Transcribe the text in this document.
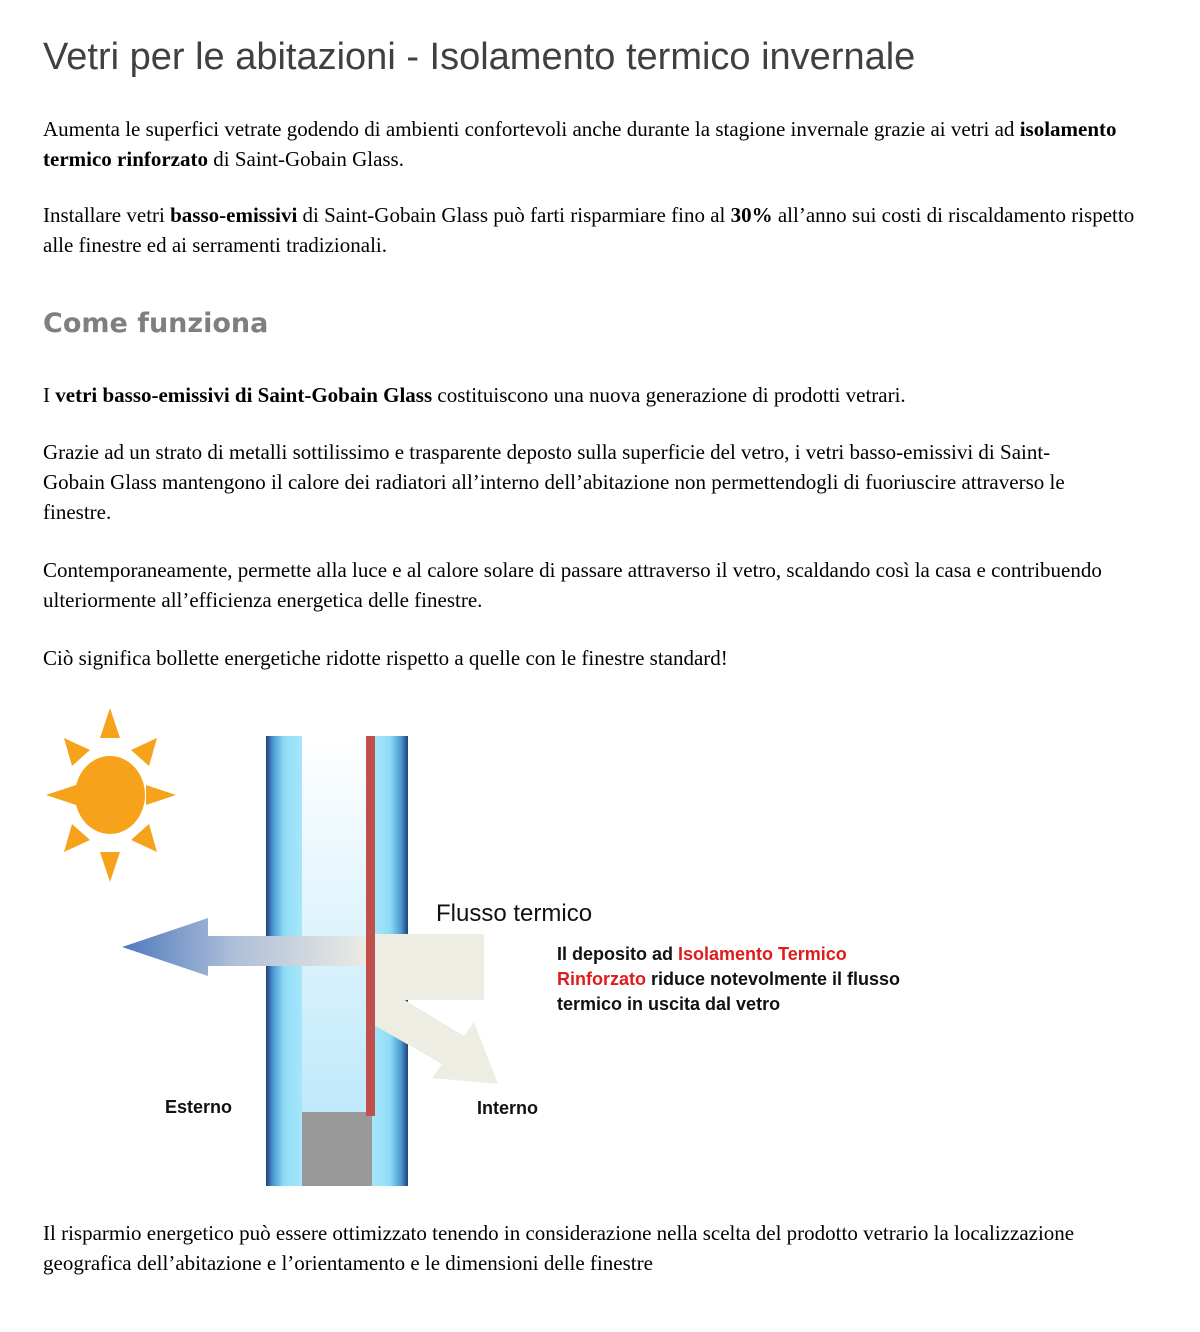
Vetri per le abitazioni - Isolamento termico invernale

Aumenta le superfici vetrate godendo di ambienti confortevoli anche durante la stagione invernale grazie ai vetri ad isolamento termico rinforzato di Saint-Gobain Glass.

Installare vetri basso-emissivi di Saint-Gobain Glass può farti risparmiare fino al 30% all’anno sui costi di riscaldamento rispetto alle finestre ed ai serramenti tradizionali.

Come funziona

I vetri basso-emissivi di Saint-Gobain Glass costituiscono una nuova generazione di prodotti vetrari.

Grazie ad un strato di metalli sottilissimo e trasparente deposto sulla superficie del vetro, i vetri basso-emissivi di Saint-Gobain Glass mantengono il calore dei radiatori all’interno dell’abitazione non permettendogli di fuoriuscire attraverso le finestre.

Contemporaneamente, permette alla luce e al calore solare di passare attraverso il vetro, scaldando così la casa e contribuendo ulteriormente all’efficienza energetica delle finestre.

Ciò significa bollette energetiche ridotte rispetto a quelle con le finestre standard!

Flusso termico
Il deposito ad Isolamento Termico
Rinforzato riduce notevolmente il flusso
termico in uscita dal vetro
Esterno	Interno

Il risparmio energetico può essere ottimizzato tenendo in considerazione nella scelta del prodotto vetrario la localizzazione geografica dell’abitazione e l’orientamento e le dimensioni delle finestre
